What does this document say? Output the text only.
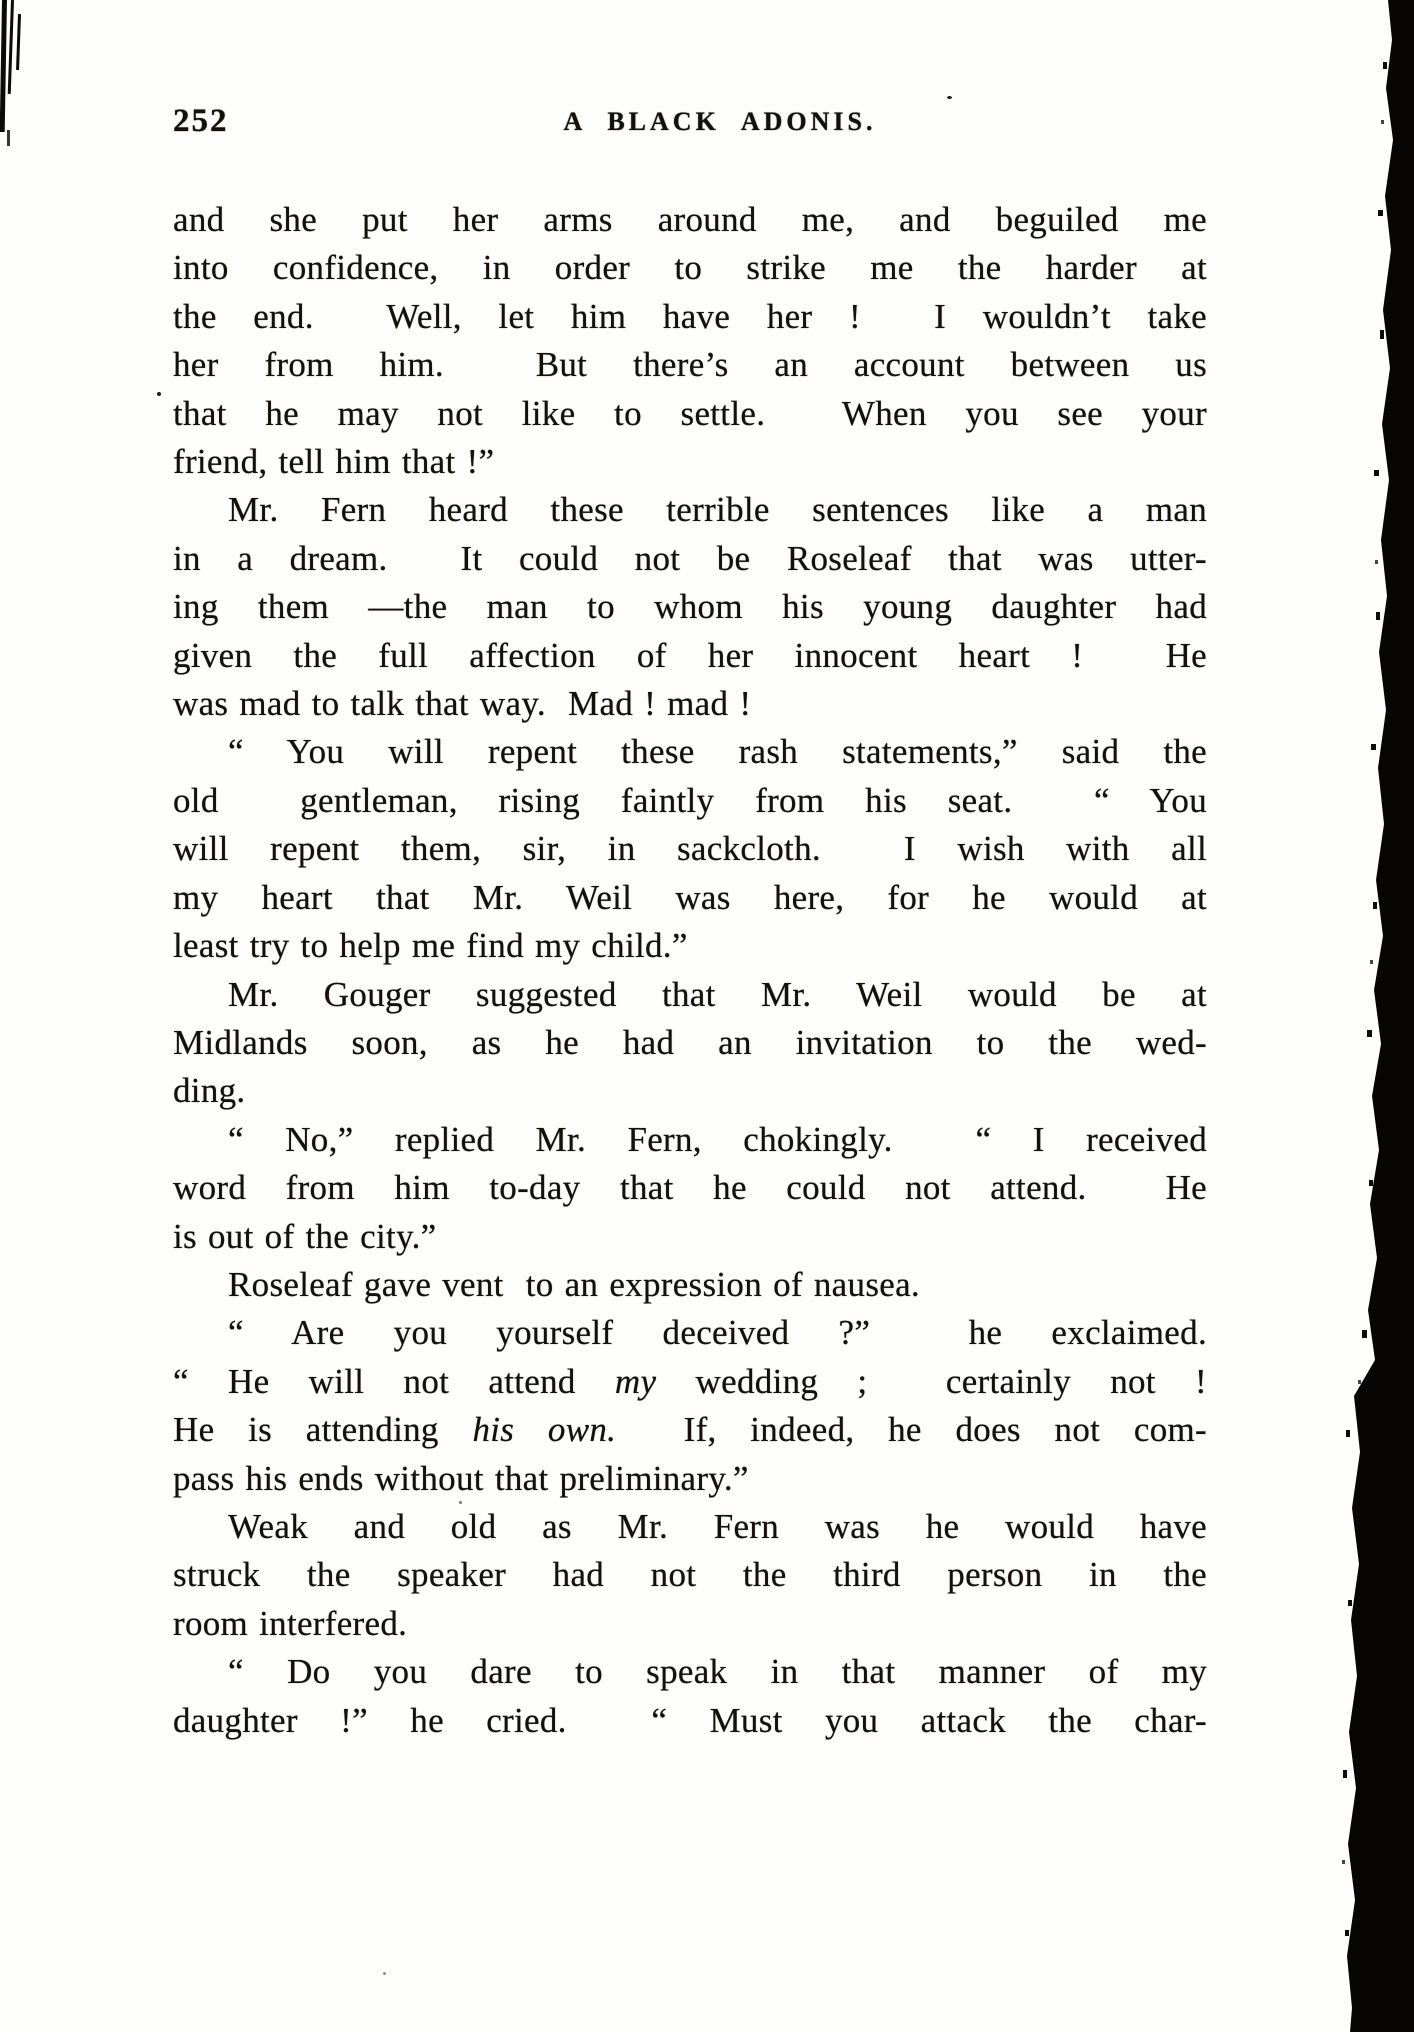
252	A BLACK ADONIS.
and she put her arms around me, and beguiled me
into confidence, in order to strike me the harder at
the end.  Well, let him have her !  I wouldn’t take
her from him.  But there’s an account between us
that he may not like to settle.  When you see your
friend, tell him that !”
Mr. Fern heard these terrible sentences like a man
in a dream.  It could not be Roseleaf that was utter-
ing them —the man to whom his young daughter had
given the full affection of her innocent heart !  He
was mad to talk that way.  Mad ! mad !
“ You will repent these rash statements,” said the
old  gentleman, rising faintly from his seat.  “ You
will repent them, sir, in sackcloth.  I wish with all
my heart that Mr. Weil was here, for he would at
least try to help me find my child.”
Mr. Gouger suggested that Mr. Weil would be at
Midlands soon, as he had an invitation to the wed-
ding.
“ No,” replied Mr. Fern, chokingly.  “ I received
word from him to-day that he could not attend.  He
is out of the city.”
Roseleaf gave vent  to an expression of nausea.
“ Are you yourself deceived ?”  he exclaimed.
“ He will not attend my wedding ;  certainly not !
He is attending his own.  If, indeed, he does not com-
pass his ends without that preliminary.”
Weak and old as Mr. Fern was he would have
struck the speaker had not the third person in the
room interfered.
“ Do you dare to speak in that manner of my
daughter !” he cried.  “ Must you attack the char-
